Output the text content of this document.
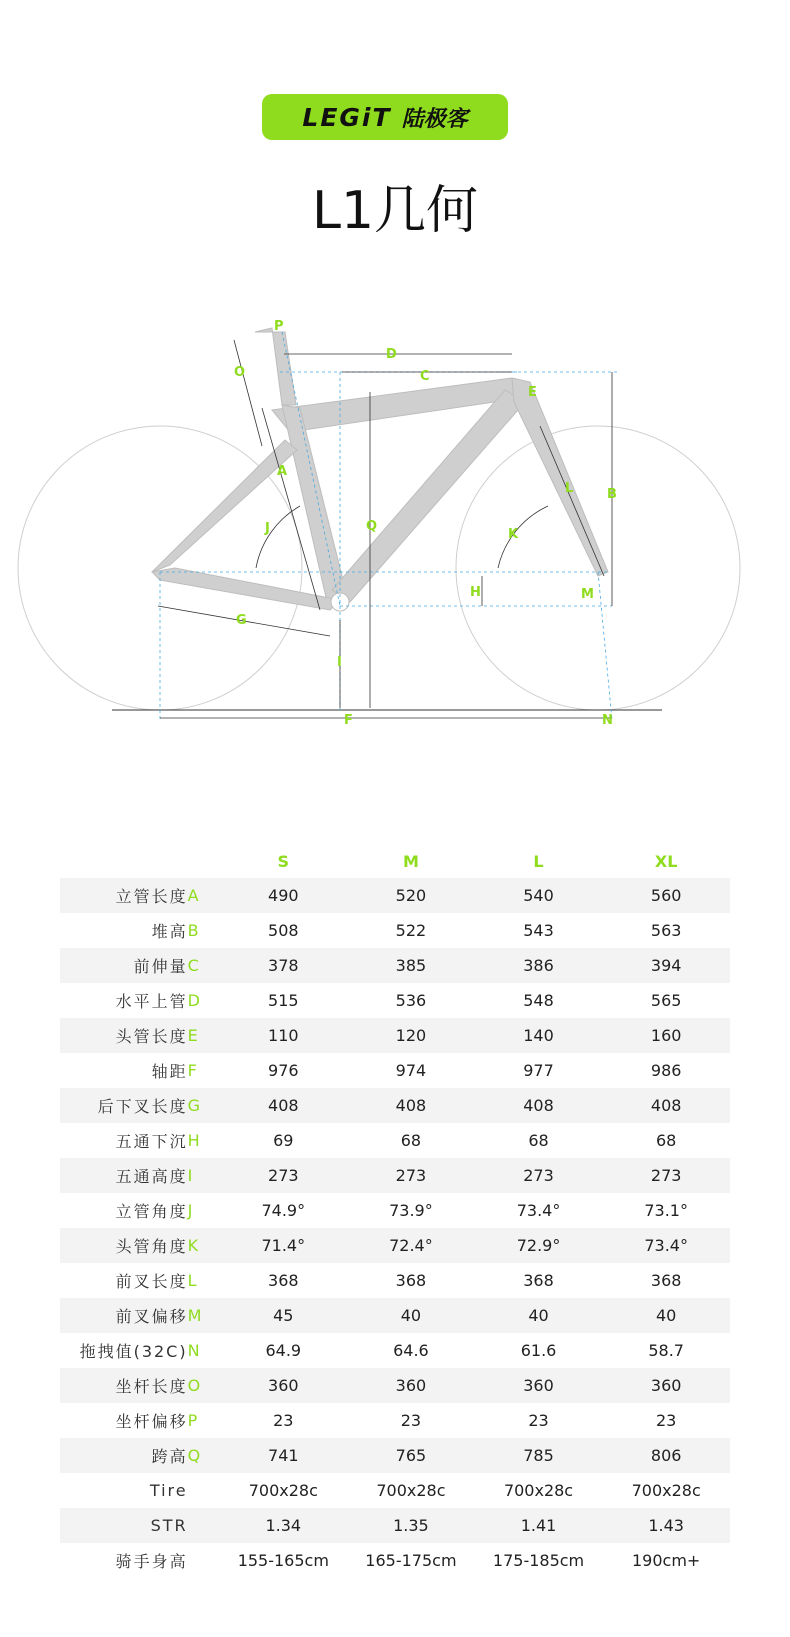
LEGiT 陆极客
L1几何
P
D
C
O
E
A
L	B
J	Q
K
H	M
G
I
F	N
		S	M	L	XL
立管长度	A	490	520	540	560
堆高	B	508	522	543	563
前伸量	C	378	385	386	394
水平上管	D	515	536	548	565
头管长度	E	110	120	140	160
轴距	F	976	974	977	986
后下叉长度	G	408	408	408	408
五通下沉	H	69	68	68	68
五通高度	I	273	273	273	273
立管角度	J	74.9°	73.9°	73.4°	73.1°
头管角度	K	71.4°	72.4°	72.9°	73.4°
前叉长度	L	368	368	368	368
前叉偏移	M	45	40	40	40
拖拽值(32C)	N	64.9	64.6	61.6	58.7
坐杆长度	O	360	360	360	360
坐杆偏移	P	23	23	23	23
跨高	Q	741	765	785	806
Tire		700x28c	700x28c	700x28c	700x28c
STR		1.34	1.35	1.41	1.43
骑手身高		155-165cm	165-175cm	175-185cm	190cm+
